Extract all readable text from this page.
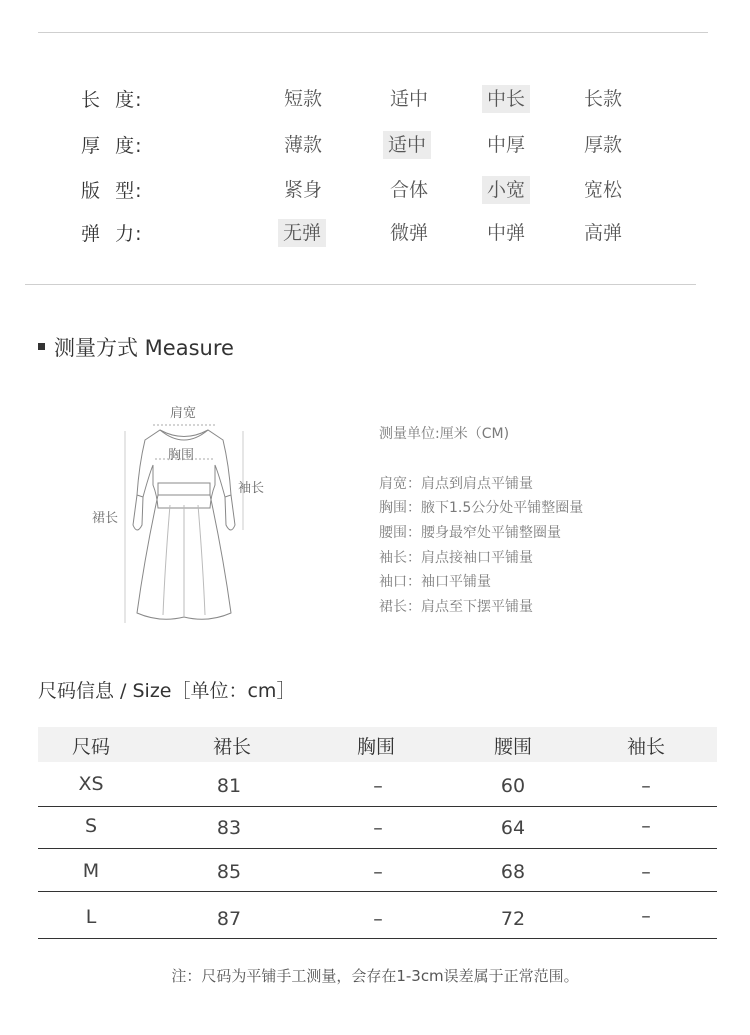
长  度:	短款	适中	中长	长款
厚  度:	薄款	适中	中厚	厚款
版  型:	紧身	合体	小宽	宽松
弹  力:	无弹	微弹	中弹	高弹
测量方式 Measure
肩宽
胸围
袖长
裙长
测量单位:厘米（CM)
肩宽：肩点到肩点平铺量
胸围：腋下1.5公分处平铺整圈量
腰围：腰身最窄处平铺整圈量
袖长：肩点接袖口平铺量
袖口：袖口平铺量
裙长：肩点至下摆平铺量
尺码信息 / Size［单位：cm］
尺码	裙长	胸围	腰围	袖长
XS	81	–	60	–
S	83	–	64	–
M	85	–	68	–
L	87	–	72	–
注：尺码为平铺手工测量，会存在1-3cm误差属于正常范围。
